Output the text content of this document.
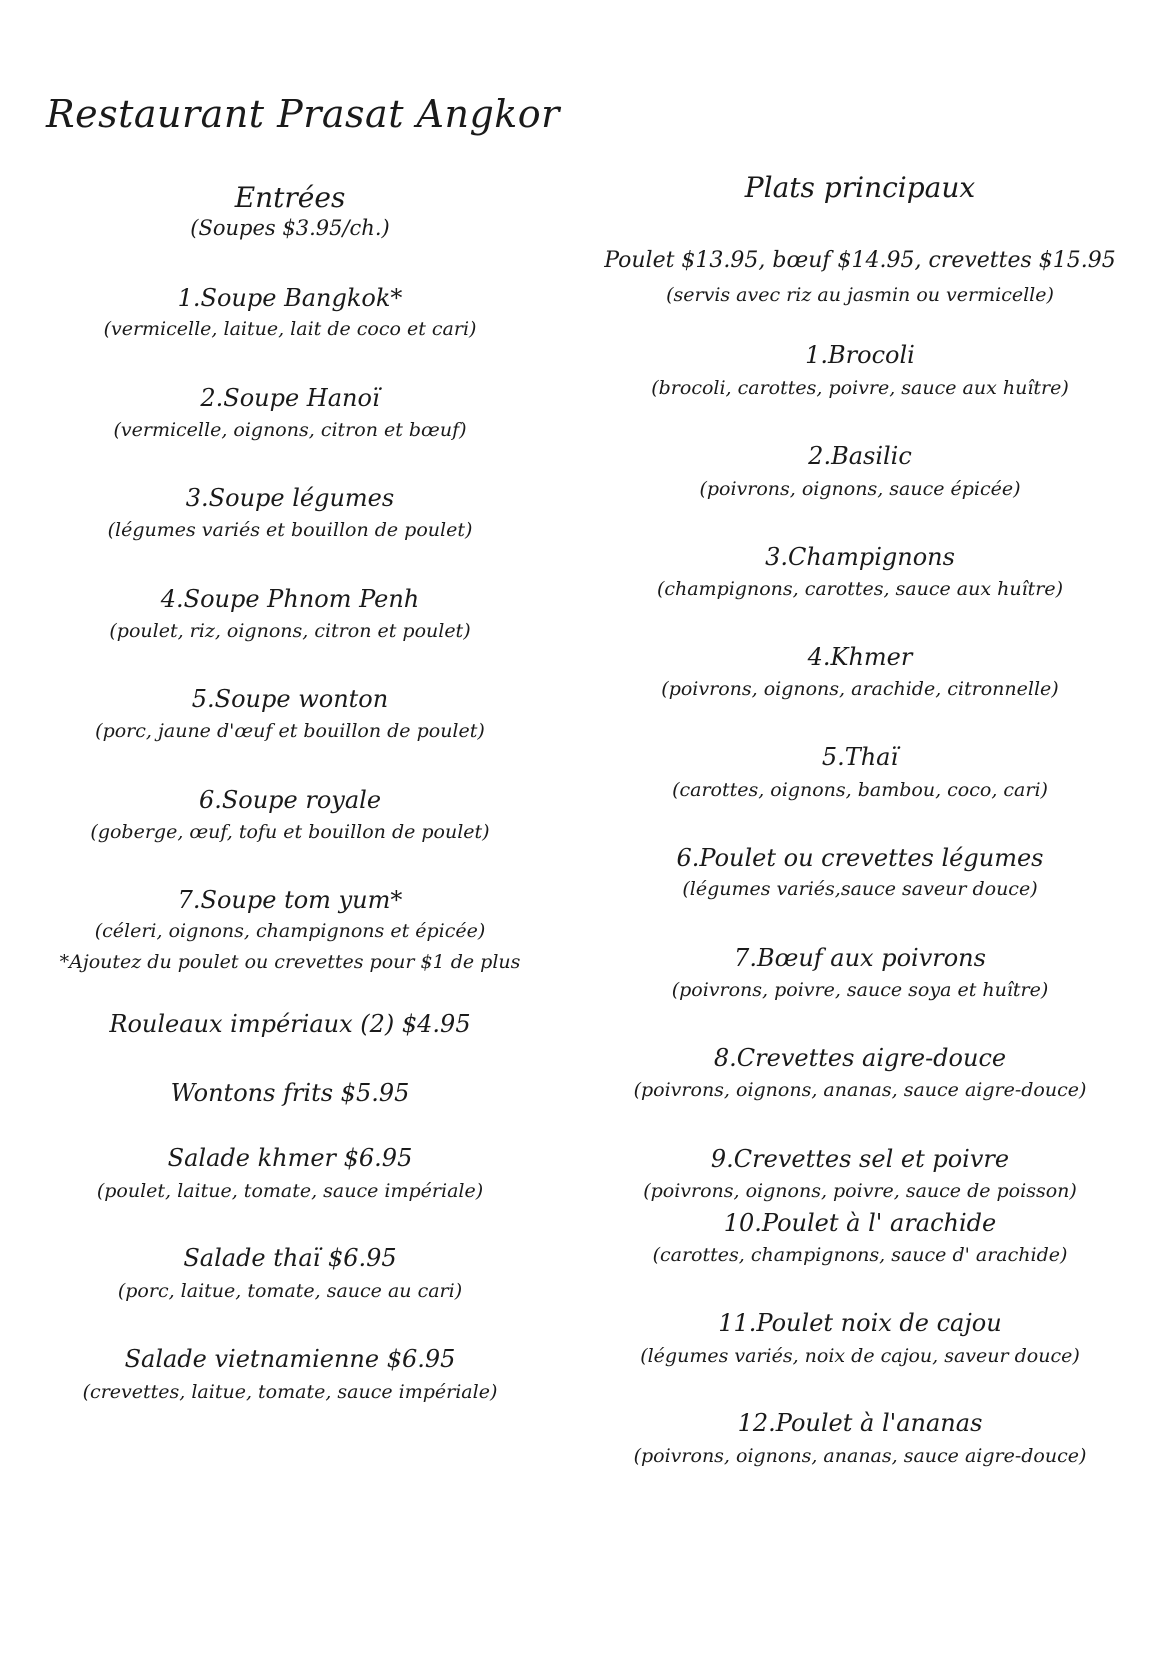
Restaurant Prasat Angkor
Entrées
(Soupes $3.95/ch.)
1.Soupe Bangkok*
(vermicelle, laitue, lait de coco et cari)
2.Soupe Hanoï
(vermicelle, oignons, citron et bœuf)
3.Soupe légumes
(légumes variés et bouillon de poulet)
4.Soupe Phnom Penh
(poulet, riz, oignons, citron et poulet)
5.Soupe wonton
(porc, jaune d'œuf et bouillon de poulet)
6.Soupe royale
(goberge, œuf, tofu et bouillon de poulet)
7.Soupe tom yum*
(céleri, oignons, champignons et épicée)
*Ajoutez du poulet ou crevettes pour $1 de plus
Rouleaux impériaux (2) $4.95
Wontons frits $5.95
Salade khmer $6.95
(poulet, laitue, tomate, sauce impériale)
Salade thaï $6.95
(porc, laitue, tomate, sauce au cari)
Salade vietnamienne $6.95
(crevettes, laitue, tomate, sauce impériale)
Plats principaux
Poulet $13.95, bœuf $14.95, crevettes $15.95
(servis avec riz au jasmin ou vermicelle)
1.Brocoli
(brocoli, carottes, poivre, sauce aux huître)
2.Basilic
(poivrons, oignons, sauce épicée)
3.Champignons
(champignons, carottes, sauce aux huître)
4.Khmer
(poivrons, oignons, arachide, citronnelle)
5.Thaï
(carottes, oignons, bambou, coco, cari)
6.Poulet ou crevettes légumes
(légumes variés,sauce saveur douce)
7.Bœuf aux poivrons
(poivrons, poivre, sauce soya et huître)
8.Crevettes aigre-douce
(poivrons, oignons, ananas, sauce aigre-douce)
9.Crevettes sel et poivre
(poivrons, oignons, poivre, sauce de poisson)
10.Poulet à l' arachide
(carottes, champignons, sauce d' arachide)
11.Poulet noix de cajou
(légumes variés, noix de cajou, saveur douce)
12.Poulet à l'ananas
(poivrons, oignons, ananas, sauce aigre-douce)
